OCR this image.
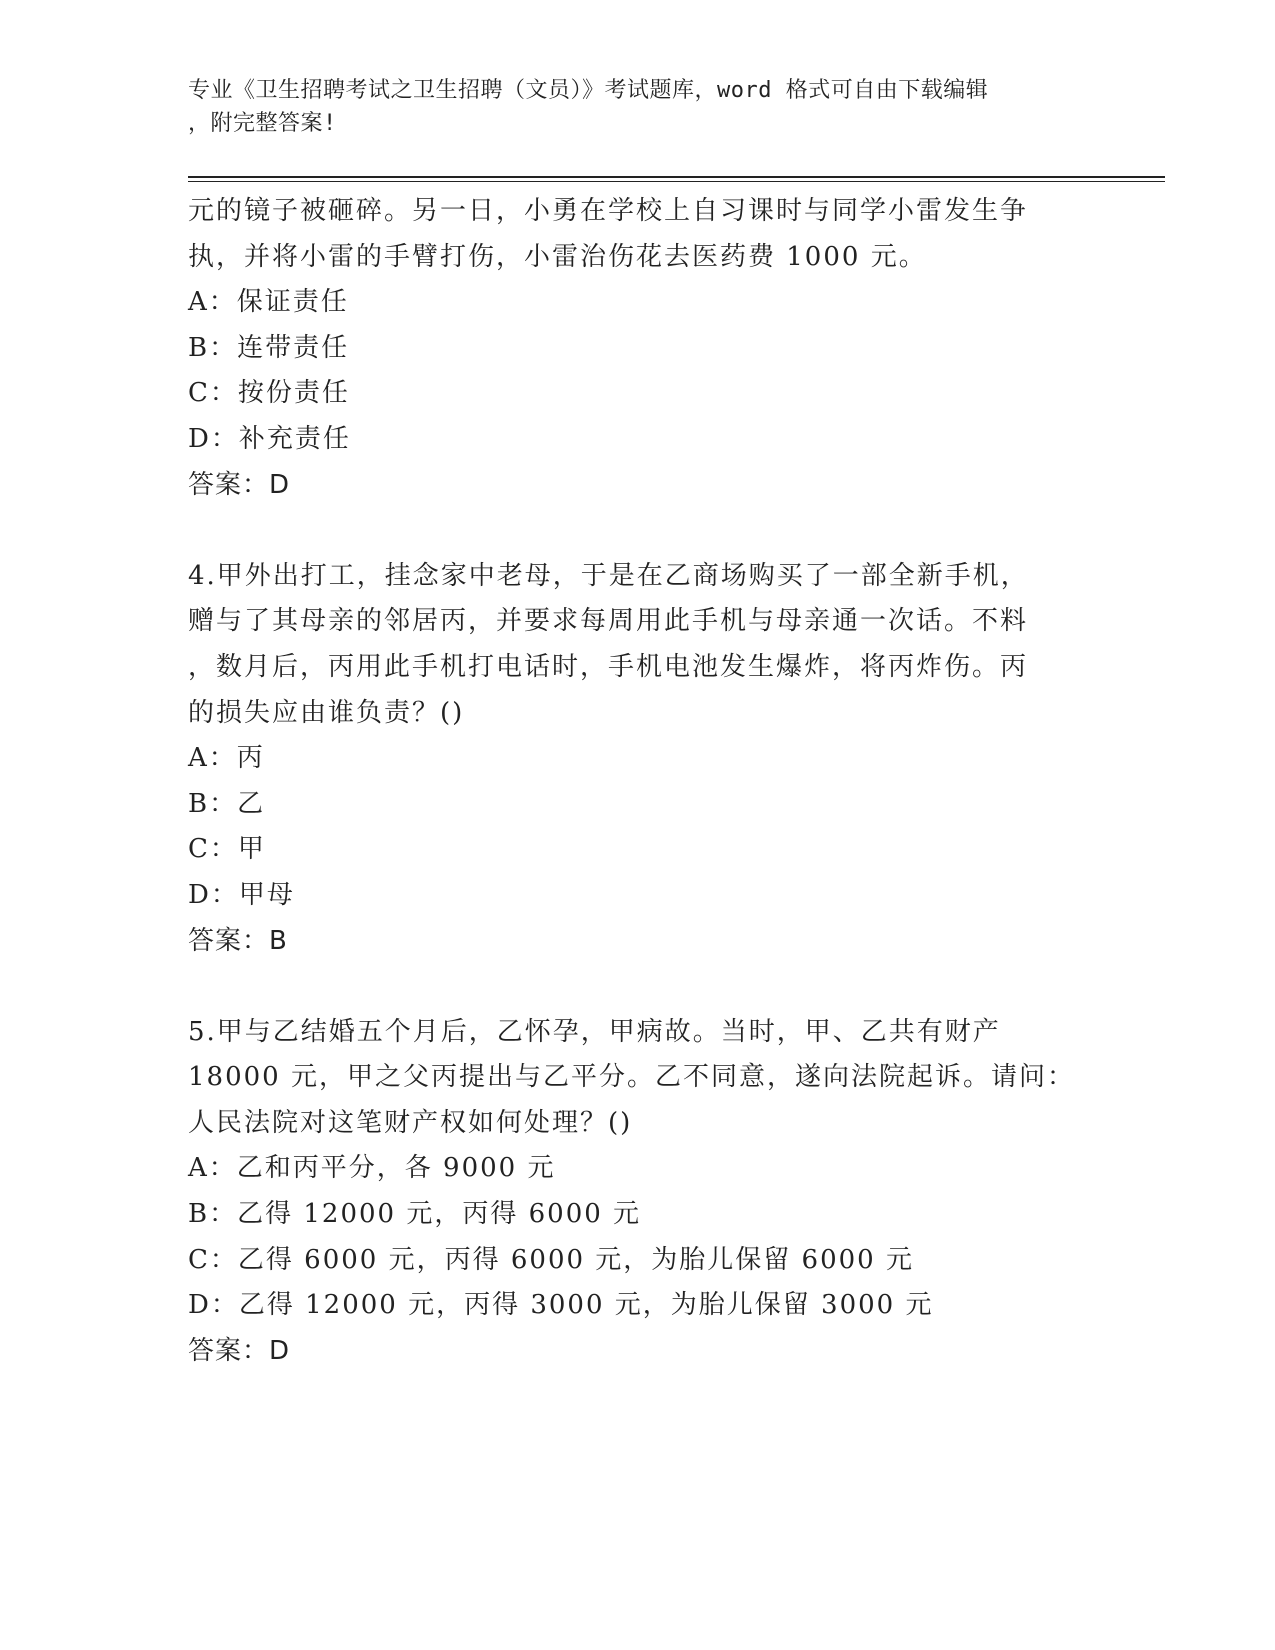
专业《卫生招聘考试之卫生招聘（文员）》考试题库，word 格式可自由下载编辑
，附完整答案!
元的镜子被砸碎。另一日，小勇在学校上自习课时与同学小雷发生争
执，并将小雷的手臂打伤，小雷治伤花去医药费 1000 元。
A：保证责任
B：连带责任
C：按份责任
D：补充责任
答案：D
4.甲外出打工，挂念家中老母，于是在乙商场购买了一部全新手机，
赠与了其母亲的邻居丙，并要求每周用此手机与母亲通一次话。不料
，数月后，丙用此手机打电话时，手机电池发生爆炸，将丙炸伤。丙
的损失应由谁负责？()
A：丙
B：乙
C：甲
D：甲母
答案：B
5.甲与乙结婚五个月后，乙怀孕，甲病故。当时，甲、乙共有财产
18000 元，甲之父丙提出与乙平分。乙不同意，遂向法院起诉。请问：
人民法院对这笔财产权如何处理？()
A：乙和丙平分，各 9000 元
B：乙得 12000 元，丙得 6000 元
C：乙得 6000 元，丙得 6000 元，为胎儿保留 6000 元
D：乙得 12000 元，丙得 3000 元，为胎儿保留 3000 元
答案：D
